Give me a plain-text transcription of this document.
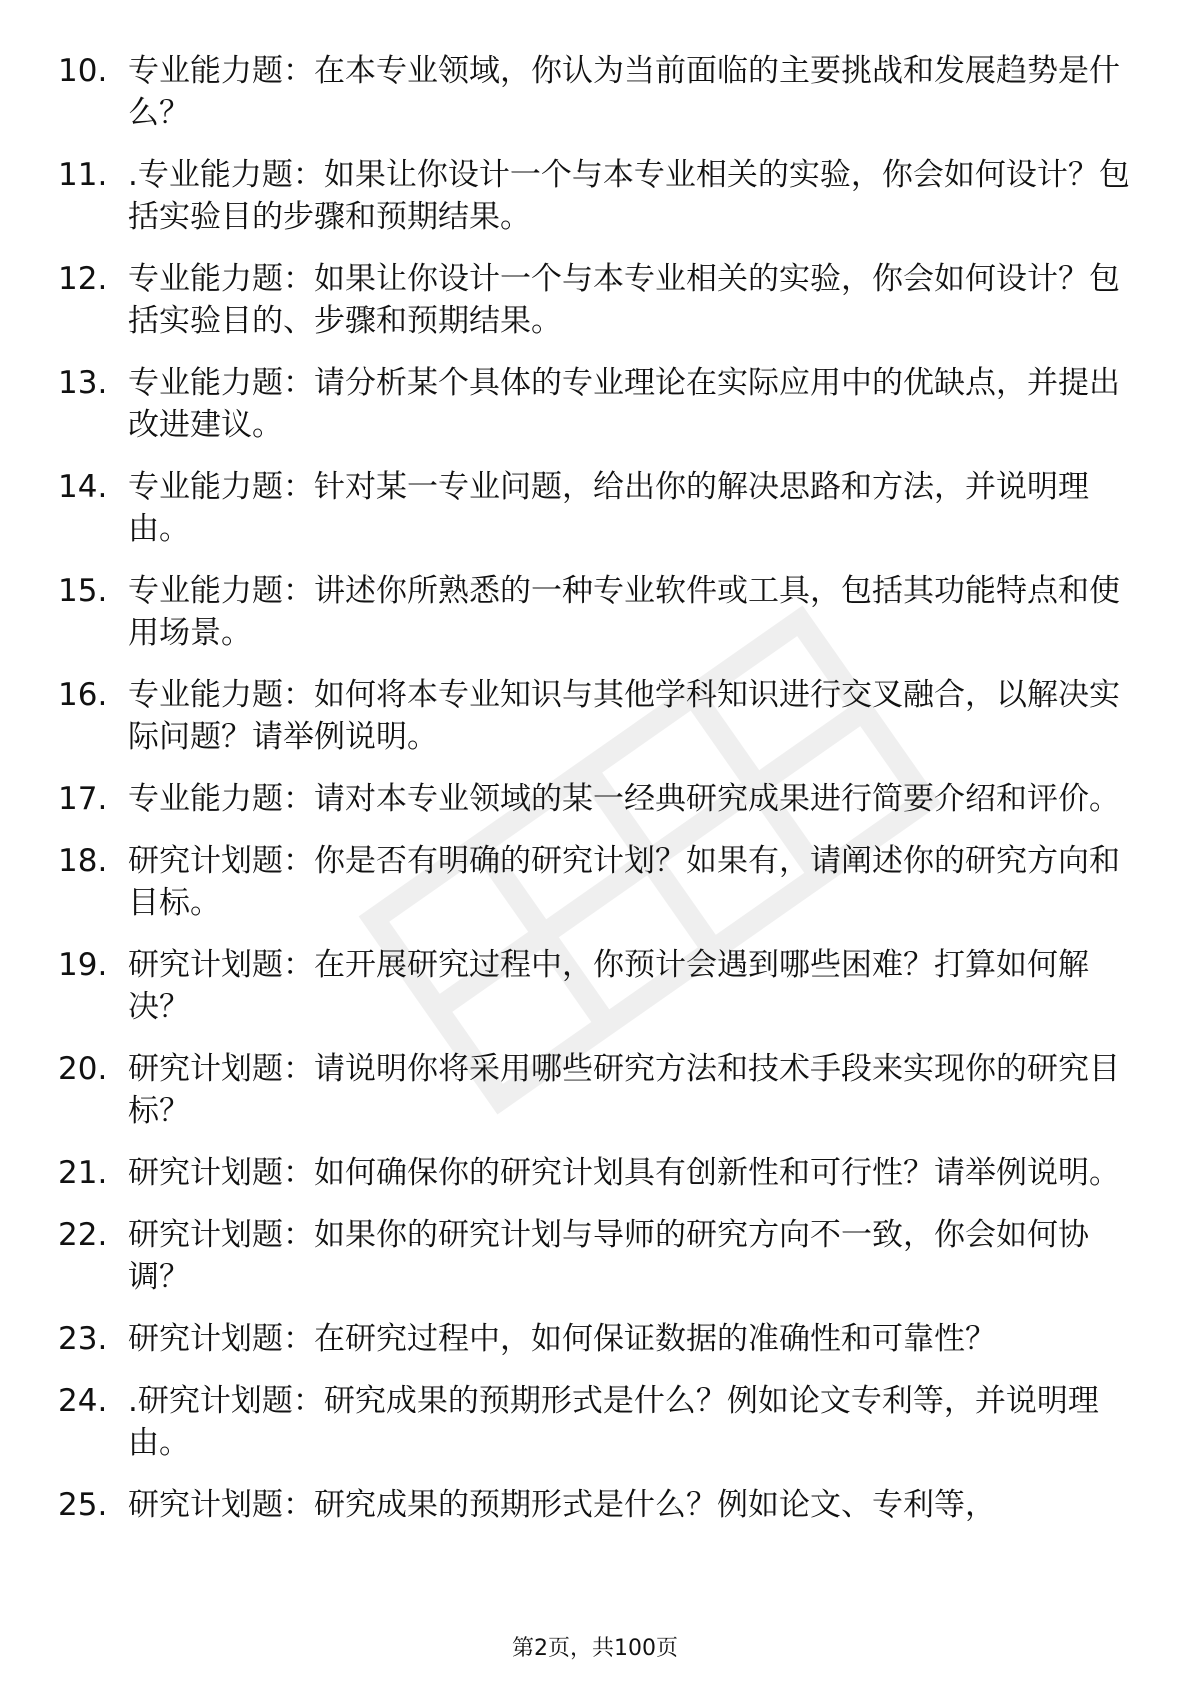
10. 专业能力题：在本专业领域，你认为当前面临的主要挑战和发展趋势是什么？
11. .专业能力题：如果让你设计一个与本专业相关的实验，你会如何设计？包括实验目的步骤和预期结果。
12. 专业能力题：如果让你设计一个与本专业相关的实验，你会如何设计？包括实验目的、步骤和预期结果。
13. 专业能力题：请分析某个具体的专业理论在实际应用中的优缺点，并提出改进建议。
14. 专业能力题：针对某一专业问题，给出你的解决思路和方法，并说明理由。
15. 专业能力题：讲述你所熟悉的一种专业软件或工具，包括其功能特点和使用场景。
16. 专业能力题：如何将本专业知识与其他学科知识进行交叉融合，以解决实际问题？请举例说明。
17. 专业能力题：请对本专业领域的某一经典研究成果进行简要介绍和评价。
18. 研究计划题：你是否有明确的研究计划？如果有，请阐述你的研究方向和目标。
19. 研究计划题：在开展研究过程中，你预计会遇到哪些困难？打算如何解决？
20. 研究计划题：请说明你将采用哪些研究方法和技术手段来实现你的研究目标？
21. 研究计划题：如何确保你的研究计划具有创新性和可行性？请举例说明。
22. 研究计划题：如果你的研究计划与导师的研究方向不一致，你会如何协调？
23. 研究计划题：在研究过程中，如何保证数据的准确性和可靠性？
24. .研究计划题：研究成果的预期形式是什么？例如论文专利等，并说明理由。
25. 研究计划题：研究成果的预期形式是什么？例如论文、专利等，
第2页，共100页
